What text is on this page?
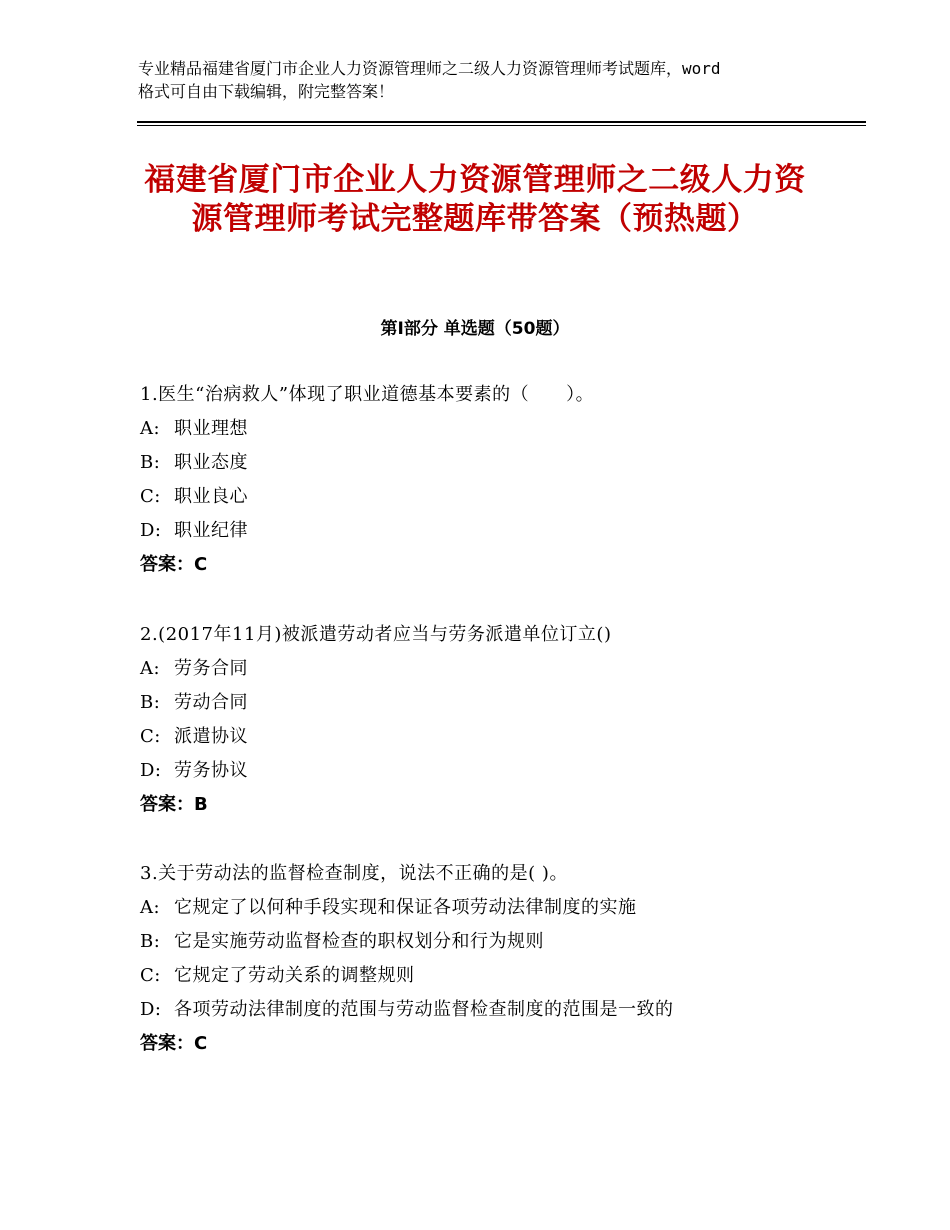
专业精品福建省厦门市企业人力资源管理师之二级人力资源管理师考试题库，word
格式可自由下载编辑，附完整答案！
福建省厦门市企业人力资源管理师之二级人力资源管理师考试完整题库带答案（预热题）
第Ⅰ部分 单选题（50题）
1.医生“治病救人”体现了职业道德基本要素的（　　）。
A: 职业理想
B: 职业态度
C: 职业良心
D: 职业纪律
答案：C
2.(2017年11月)被派遣劳动者应当与劳务派遣单位订立()
A: 劳务合同
B: 劳动合同
C: 派遣协议
D: 劳务协议
答案：B
3.关于劳动法的监督检查制度，说法不正确的是( )。
A: 它规定了以何种手段实现和保证各项劳动法律制度的实施
B: 它是实施劳动监督检查的职权划分和行为规则
C: 它规定了劳动关系的调整规则
D: 各项劳动法律制度的范围与劳动监督检查制度的范围是一致的
答案：C
